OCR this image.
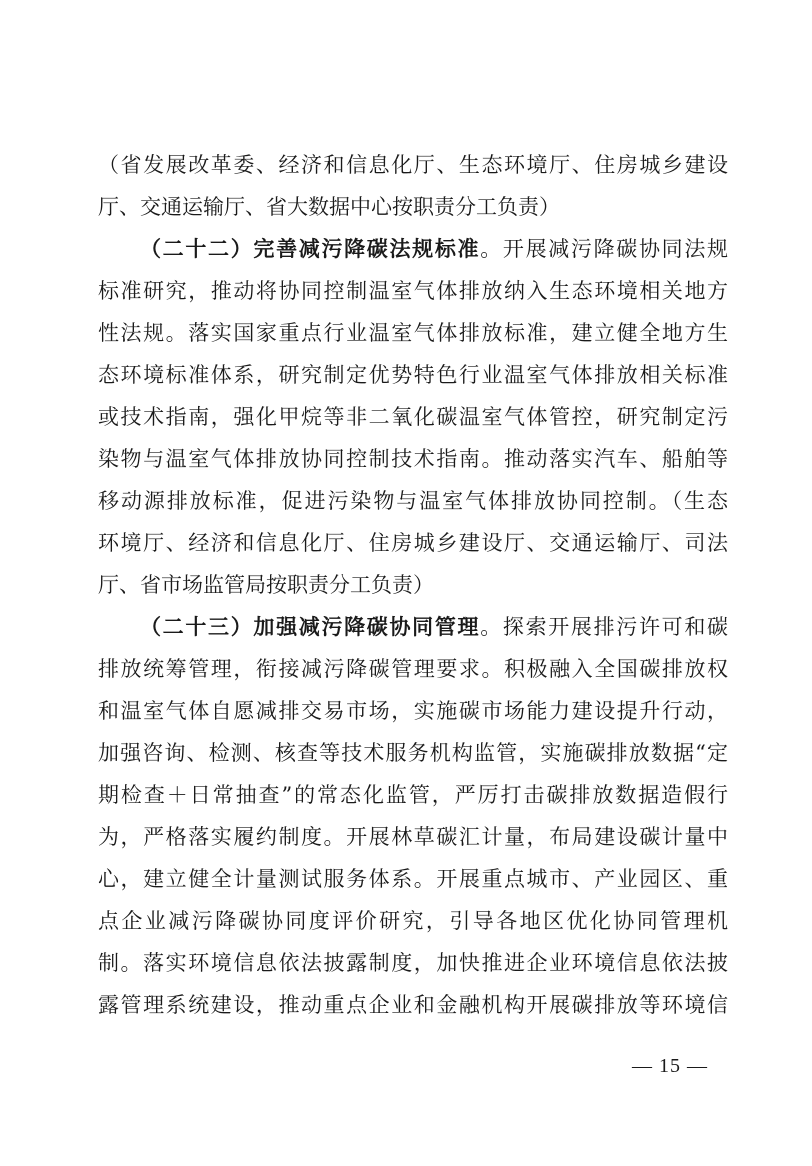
（省发展改革委、经济和信息化厅、生态环境厅、住房城乡建设
厅、交通运输厅、省大数据中心按职责分工负责）
（二十二）完善减污降碳法规标准。开展减污降碳协同法规
标准研究，推动将协同控制温室气体排放纳入生态环境相关地方
性法规。落实国家重点行业温室气体排放标准，建立健全地方生
态环境标准体系，研究制定优势特色行业温室气体排放相关标准
或技术指南，强化甲烷等非二氧化碳温室气体管控，研究制定污
染物与温室气体排放协同控制技术指南。推动落实汽车、船舶等
移动源排放标准，促进污染物与温室气体排放协同控制。（生态
环境厅、经济和信息化厅、住房城乡建设厅、交通运输厅、司法
厅、省市场监管局按职责分工负责）
（二十三）加强减污降碳协同管理。探索开展排污许可和碳
排放统筹管理，衔接减污降碳管理要求。积极融入全国碳排放权
和温室气体自愿减排交易市场，实施碳市场能力建设提升行动，
加强咨询、检测、核查等技术服务机构监管，实施碳排放数据“定
期检查＋日常抽查”的常态化监管，严厉打击碳排放数据造假行
为，严格落实履约制度。开展林草碳汇计量，布局建设碳计量中
心，建立健全计量测试服务体系。开展重点城市、产业园区、重
点企业减污降碳协同度评价研究，引导各地区优化协同管理机
制。落实环境信息依法披露制度，加快推进企业环境信息依法披
露管理系统建设，推动重点企业和金融机构开展碳排放等环境信
— 15 —
